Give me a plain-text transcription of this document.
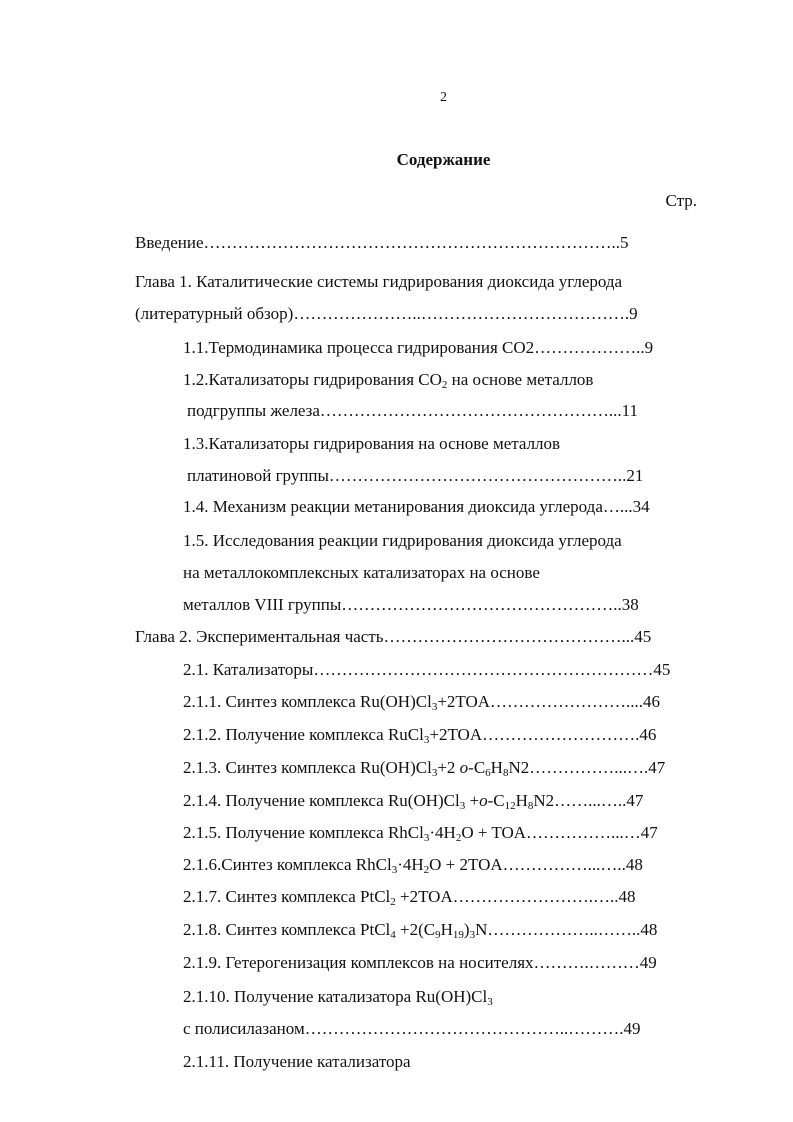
2
Содержание
Стр.
Введение………………………………………………………………..5
Глава 1. Каталитические системы гидрирования диоксида углерода
(литературный обзор)…………………..……………………………….9
1.1.Термодинамика процесса гидрирования CO2………………..9
1.2.Катализаторы гидрирования $CO_2$ на основе металлов
подгруппы железа……………………………………………...11
1.3.Катализаторы гидрирования на основе металлов
платиновой группы……………………………………………..21
1.4. Механизм реакции метанирования диоксида углерода…...34
1.5. Исследования реакции гидрирования диоксида углерода
на металлокомплексных катализаторах на основе
металлов VIII группы…………………………………………..38
Глава 2. Экспериментальная часть……………………………………...45
2.1. Катализаторы……………………………………………………45
2.1.1. Синтез комплекса $Ru(OH)Cl_3+2TOA\dots\dots\dots\dots\dots\dots\dots\dots....46$
2.1.2. Получение комплекса RuCl$_3$+2TOA……………………….46
2.1.3. Синтез комплекса $Ru(OH)Cl_3+2$ $o-C_6H_8N2\dots\dots\dots\dots\dots...\dots.47$
2.1.4. Получение комплекса $Ru(OH)Cl_3$ $+o-C_{12}H_8N2\dots\dots...\dots..47$
2.1.5. Получение комплекса $RhCl_3\cdot 4H_2O$ + TOA……………...…47
2.1.6.Синтез комплекса $RhCl_3\cdot 4H_2O$ + 2TOA……………...…..48
2.1.7. Синтез комплекса PtCl$_2$ +2TOA…………………….…..48
2.1.8. Синтез комплекса PtCl$_4$ $+2(C_9H_{19})_3N\dots\dots\dots\dots\dots\dots..\dots\dots..48$
2.1.9. Гетерогенизация комплексов на носителях……….………49
2.1.10. Получение катализатора $Ru(OH)Cl_3$
с полисилазаном………………………………………..……….49
2.1.11. Получение катализатора
